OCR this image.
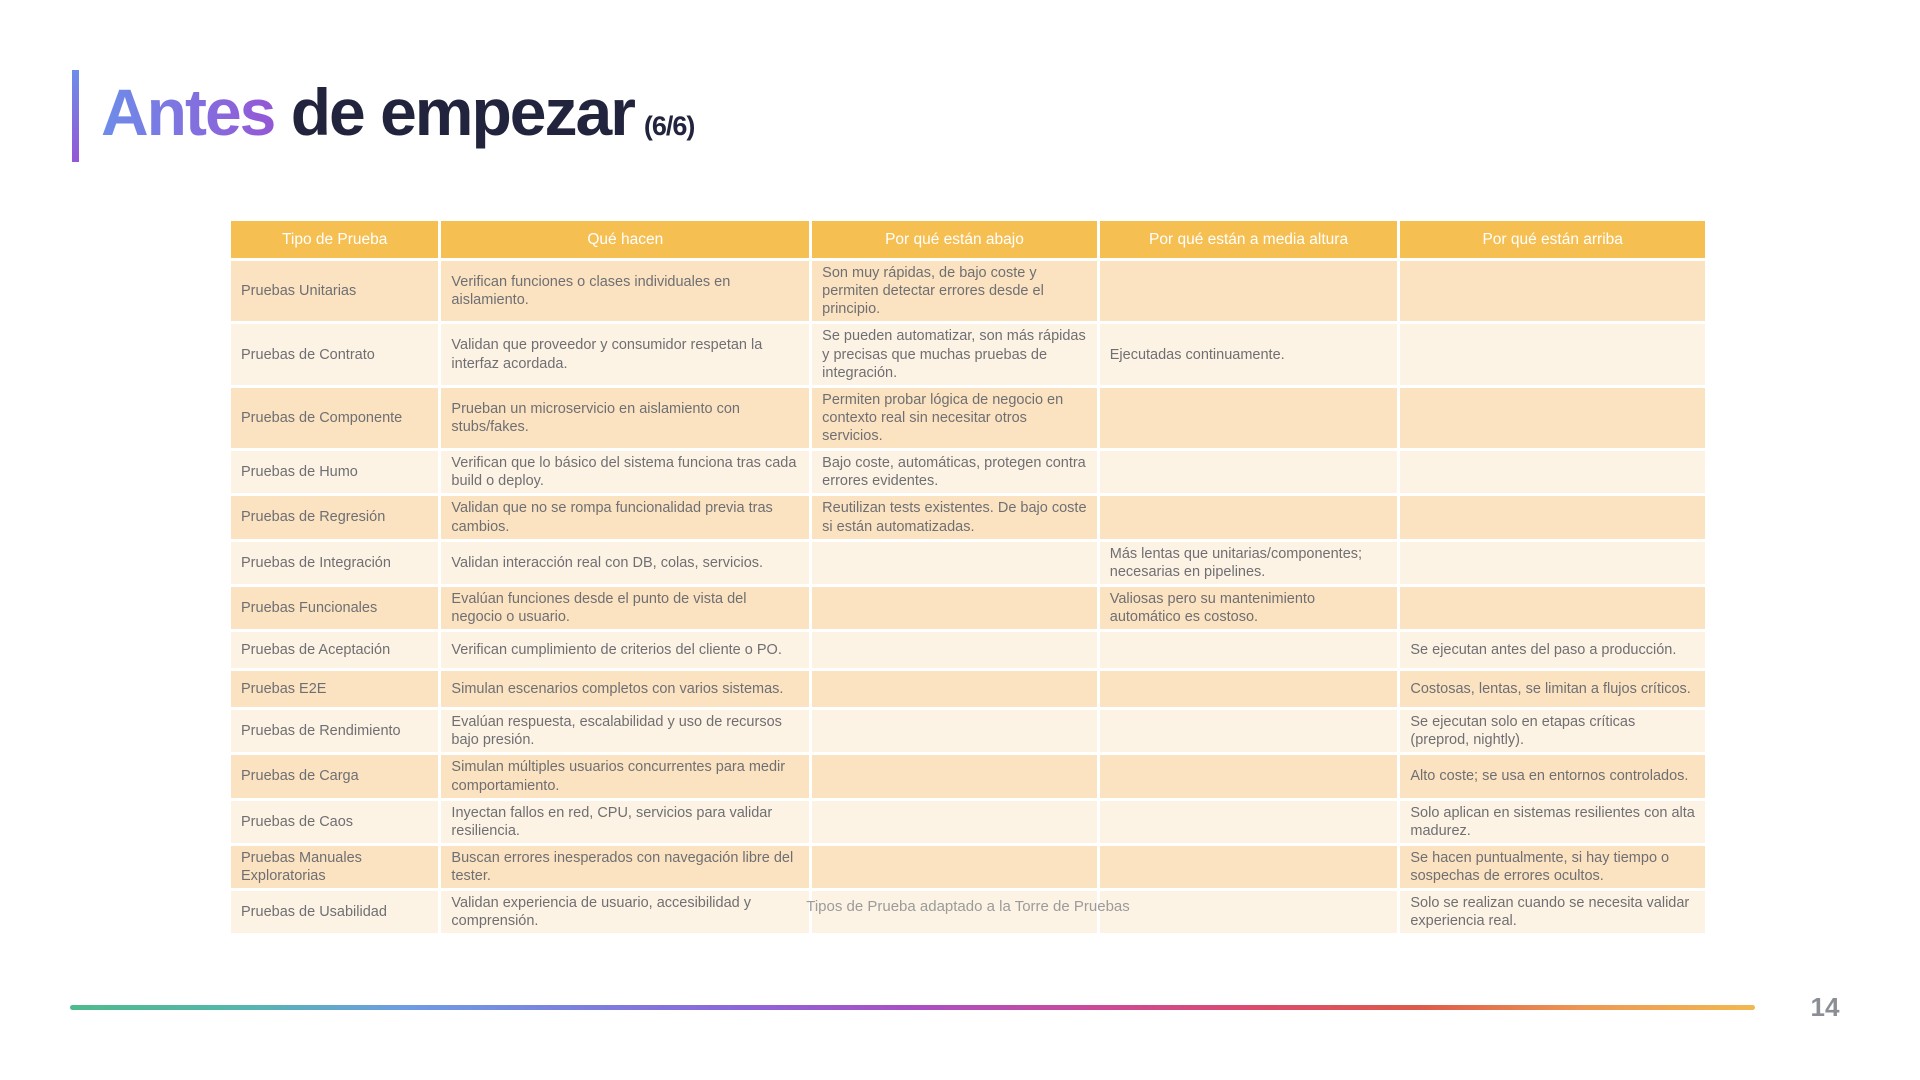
Antes de empezar (6/6)
Tipo de Prueba	Qué hacen	Por qué están abajo	Por qué están a media altura	Por qué están arriba
Pruebas Unitarias	Verifican funciones o clases individuales en aislamiento.	Son muy rápidas, de bajo coste y permiten detectar errores desde el principio.		
Pruebas de Contrato	Validan que proveedor y consumidor respetan la interfaz acordada.	Se pueden automatizar, son más rápidas y precisas que muchas pruebas de integración.	Ejecutadas continuamente.	
Pruebas de Componente	Prueban un microservicio en aislamiento con stubs/fakes.	Permiten probar lógica de negocio en contexto real sin necesitar otros servicios.		
Pruebas de Humo	Verifican que lo básico del sistema funciona tras cada build o deploy.	Bajo coste, automáticas, protegen contra errores evidentes.		
Pruebas de Regresión	Validan que no se rompa funcionalidad previa tras cambios.	Reutilizan tests existentes. De bajo coste si están automatizadas.		
Pruebas de Integración	Validan interacción real con DB, colas, servicios.		Más lentas que unitarias/componentes; necesarias en pipelines.	
Pruebas Funcionales	Evalúan funciones desde el punto de vista del negocio o usuario.		Valiosas pero su mantenimiento automático es costoso.	
Pruebas de Aceptación	Verifican cumplimiento de criterios del cliente o PO.			Se ejecutan antes del paso a producción.
Pruebas E2E	Simulan escenarios completos con varios sistemas.			Costosas, lentas, se limitan a flujos críticos.
Pruebas de Rendimiento	Evalúan respuesta, escalabilidad y uso de recursos bajo presión.			Se ejecutan solo en etapas críticas (preprod, nightly).
Pruebas de Carga	Simulan múltiples usuarios concurrentes para medir comportamiento.			Alto coste; se usa en entornos controlados.
Pruebas de Caos	Inyectan fallos en red, CPU, servicios para validar resiliencia.			Solo aplican en sistemas resilientes con alta madurez.
Pruebas Manuales Exploratorias	Buscan errores inesperados con navegación libre del tester.			Se hacen puntualmente, si hay tiempo o sospechas de errores ocultos.
Pruebas de Usabilidad	Validan experiencia de usuario, accesibilidad y comprensión.			Solo se realizan cuando se necesita validar experiencia real.
Tipos de Prueba adaptado a la Torre de Pruebas
14
